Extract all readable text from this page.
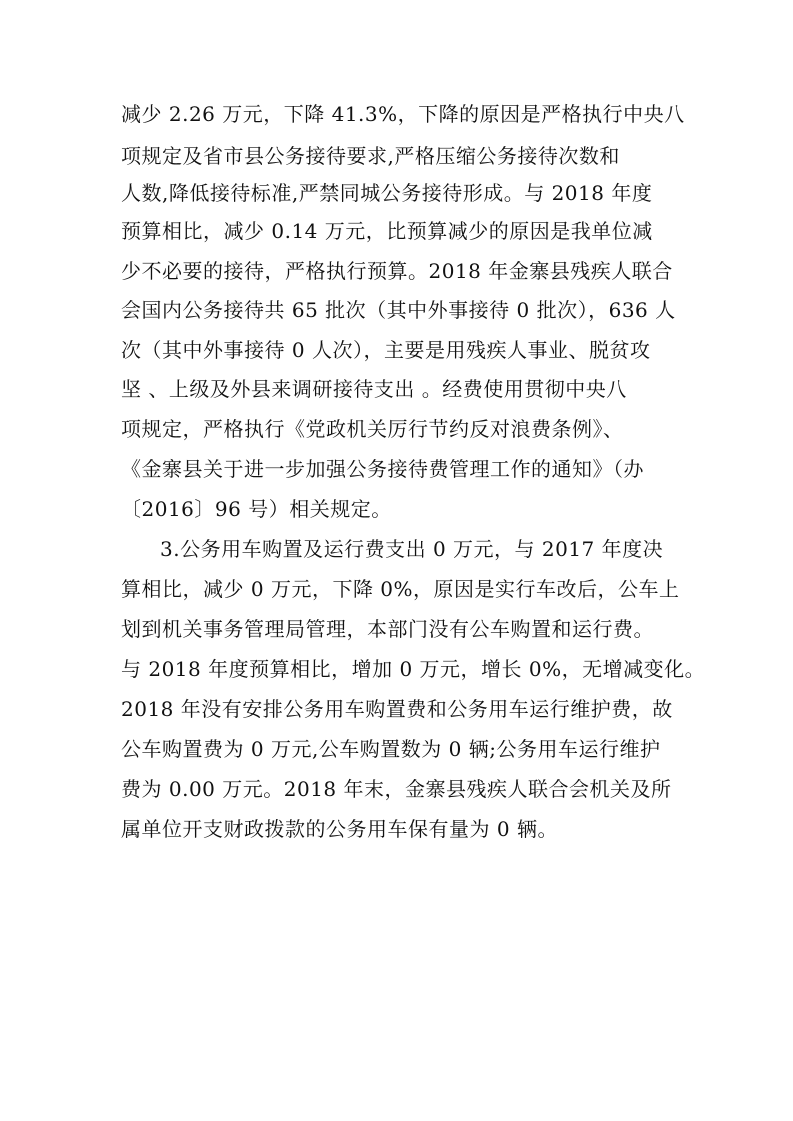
减少 2.26 万元，下降 41.3%，下降的原因是严格执行中央八
项规定及省市县公务接待要求,严格压缩公务接待次数和
人数,降低接待标准,严禁同城公务接待形成。与 2018 年度
预算相比，减少 0.14 万元，比预算减少的原因是我单位减
少不必要的接待，严格执行预算。2018 年金寨县残疾人联合
会国内公务接待共 65 批次（其中外事接待 0 批次），636 人
次（其中外事接待 0 人次），主要是用残疾人事业、脱贫攻
坚 、上级及外县来调研接待支出 。经费使用贯彻中央八
项规定，严格执行《党政机关厉行节约反对浪费条例》、
《金寨县关于进一步加强公务接待费管理工作的通知》（办
〔2016〕96 号）相关规定。
3.公务用车购置及运行费支出 0 万元，与 2017 年度决
算相比，减少 0 万元，下降 0%，原因是实行车改后，公车上
划到机关事务管理局管理，本部门没有公车购置和运行费。
与 2018 年度预算相比，增加 0 万元，增长 0%，无增减变化。
2018 年没有安排公务用车购置费和公务用车运行维护费，故
公车购置费为 0 万元,公车购置数为 0 辆;公务用车运行维护
费为 0.00 万元。2018 年末，金寨县残疾人联合会机关及所
属单位开支财政拨款的公务用车保有量为 0 辆。
